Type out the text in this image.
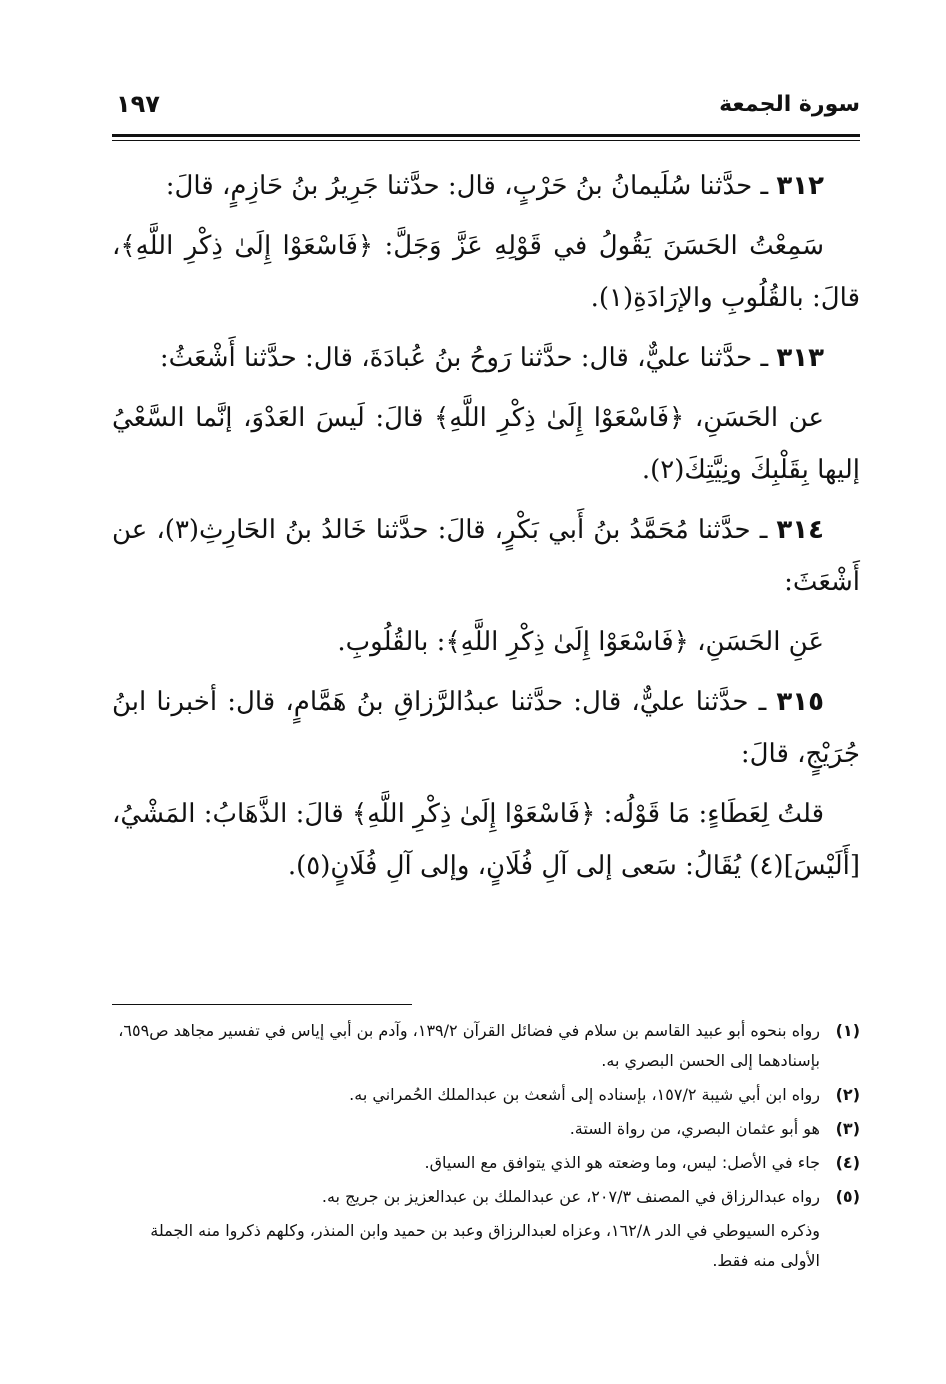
سورة الجمعة
١٩٧

٣١٢ ـ حدَّثنا سُلَيمانُ بنُ حَرْبٍ، قال: حدَّثنا جَرِيرُ بنُ حَازِمٍ، قالَ:

سَمِعْتُ الحَسَنَ يَقُولُ في قَوْلِهِ عَزَّ وَجَلَّ: ﴿فَاسْعَوْا إِلَىٰ ذِكْرِ اللَّهِ﴾، قالَ: بالقُلُوبِ والإرَادَةِ(١).

٣١٣ ـ حدَّثنا عليٌّ، قال: حدَّثنا رَوحُ بنُ عُبادَةَ، قال: حدَّثنا أَشْعَثُ:

عن الحَسَنِ، ﴿فَاسْعَوْا إِلَىٰ ذِكْرِ اللَّهِ﴾ قالَ: لَيسَ العَدْوَ، إنَّما السَّعْيُ إليها بِقَلْبِكَ ونِيَّتِكَ(٢).

٣١٤ ـ حدَّثنا مُحَمَّدُ بنُ أَبي بَكْرٍ، قالَ: حدَّثنا خَالدُ بنُ الحَارِثِ(٣)، عن أَشْعَثَ:

عَنِ الحَسَنِ، ﴿فَاسْعَوْا إِلَىٰ ذِكْرِ اللَّهِ﴾: بالقُلُوبِ.

٣١٥ ـ حدَّثنا عليٌّ، قال: حدَّثنا عبدُالرَّزاقِ بنُ هَمَّامٍ، قال: أخبرنا ابنُ جُرَيْجٍ، قالَ:

قلتُ لِعَطَاءٍ: مَا قَوْلُه: ﴿فَاسْعَوْا إِلَىٰ ذِكْرِ اللَّهِ﴾ قالَ: الذَّهَابُ: المَشْيُ، [أَلَيْسَ](٤) يُقَالُ: سَعى إلى آلِ فُلَانٍ، وإلى آلِ فُلَانٍ(٥).

(١)
رواه بنحوه أبو عبيد القاسم بن سلام في فضائل القرآن ١٣٩/٢، وآدم بن أبي إياس في تفسير مجاهد ص٦٥٩، بإسنادهما إلى الحسن البصري به.
(٢)
رواه ابن أبي شيبة ١٥٧/٢، بإسناده إلى أشعث بن عبدالملك الحُمراني به.
(٣)
هو أبو عثمان البصري، من رواة الستة.
(٤)
جاء في الأصل: ليس، وما وضعته هو الذي يتوافق مع السياق.
(٥)
رواه عبدالرزاق في المصنف ٢٠٧/٣، عن عبدالملك بن عبدالعزيز بن جريج به.
وذكره السيوطي في الدر ١٦٢/٨، وعزاه لعبدالرزاق وعبد بن حميد وابن المنذر، وكلهم ذكروا منه الجملة الأولى منه فقط.
